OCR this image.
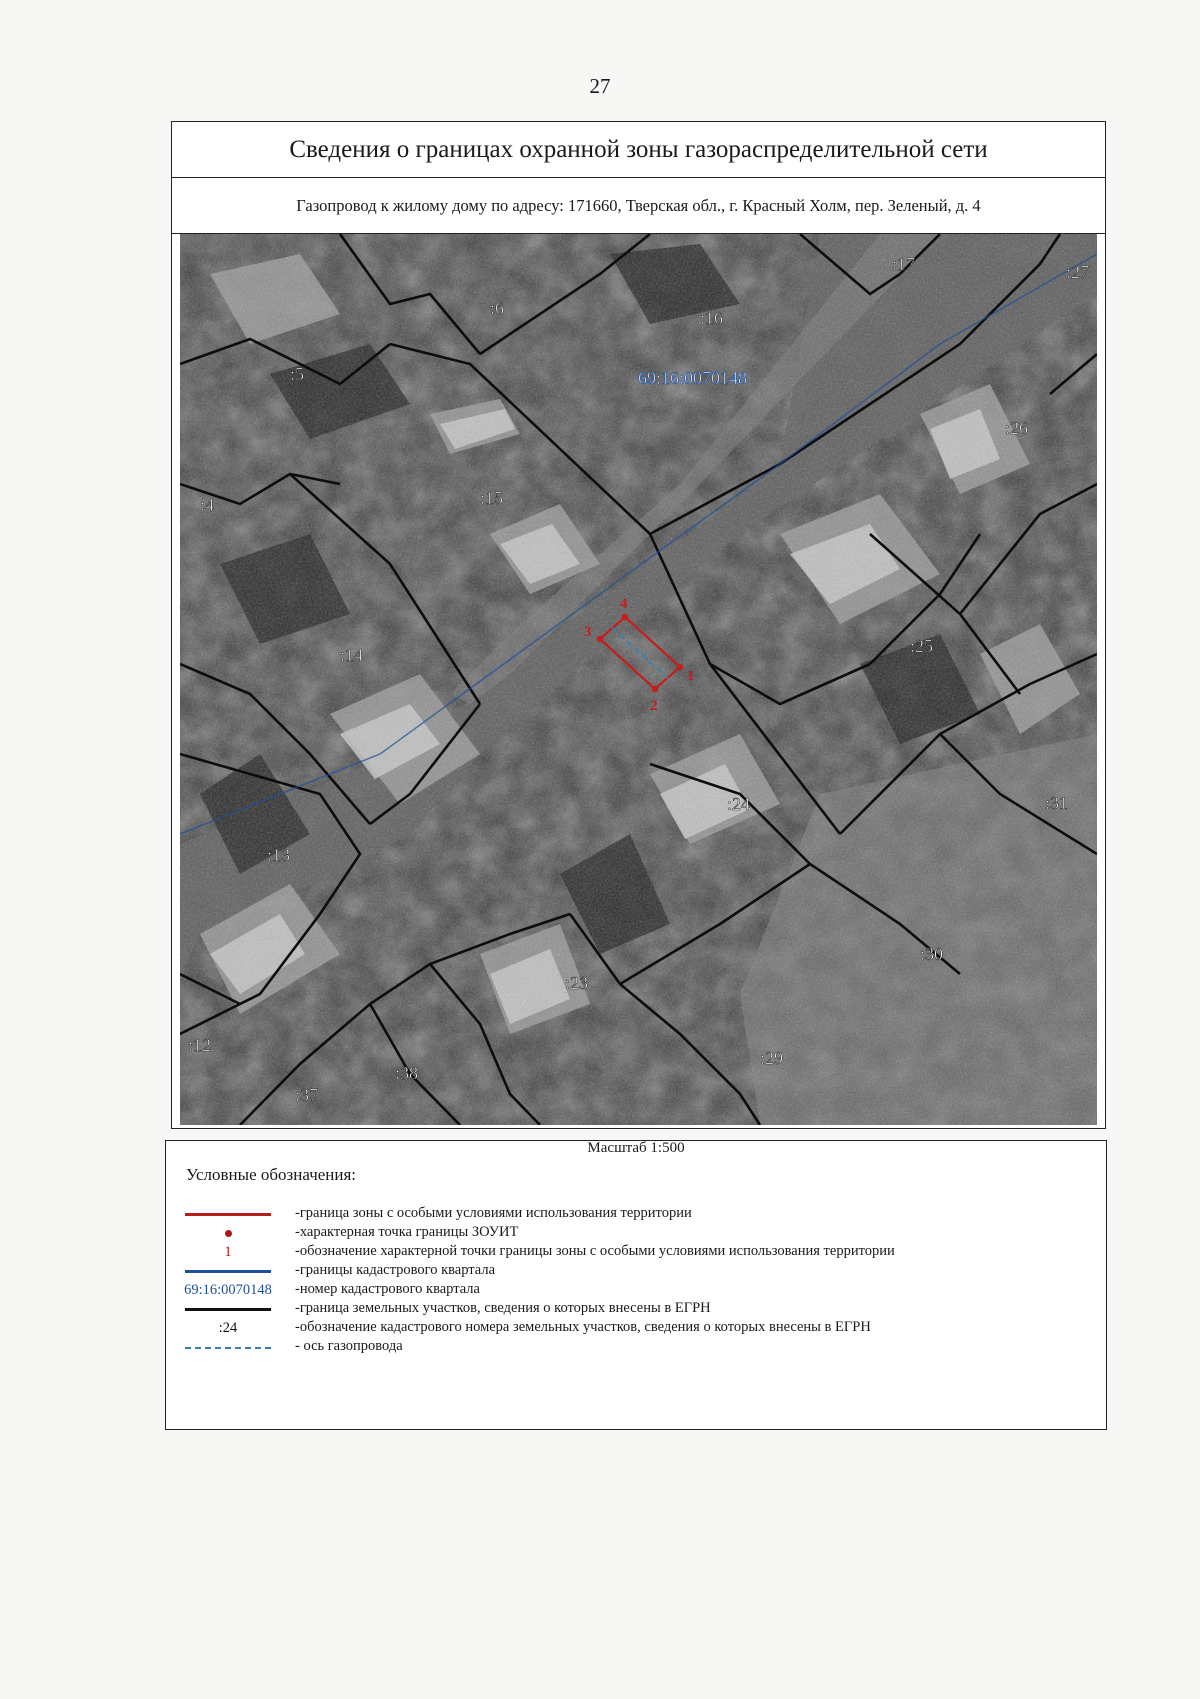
27
Сведения о границах охранной зоны газораспределительной сети
Газопровод к жилому дому по адресу: 171660, Тверская обл., г. Красный Холм, пер. Зеленый, д. 4
1
2
3
4
69:16:0070148
:17	:27
:6	:16
:5
:26
:4	:15
:14	:25
:24	:31
:13
:30
:23
:12
:29
:38
:37
Масштаб 1:500
Условные обозначения:
-граница зоны с особыми условиями использования территории
-характерная точка границы ЗОУИТ
1	-обозначение характерной точки границы зоны с особыми условиями использования территории
-границы кадастрового квартала
69:16:0070148 -номер кадастрового квартала
-граница земельных участков, сведения о которых внесены в ЕГРН
:24	-обозначение кадастрового номера земельных участков, сведения о которых внесены в ЕГРН
- ось газопровода
